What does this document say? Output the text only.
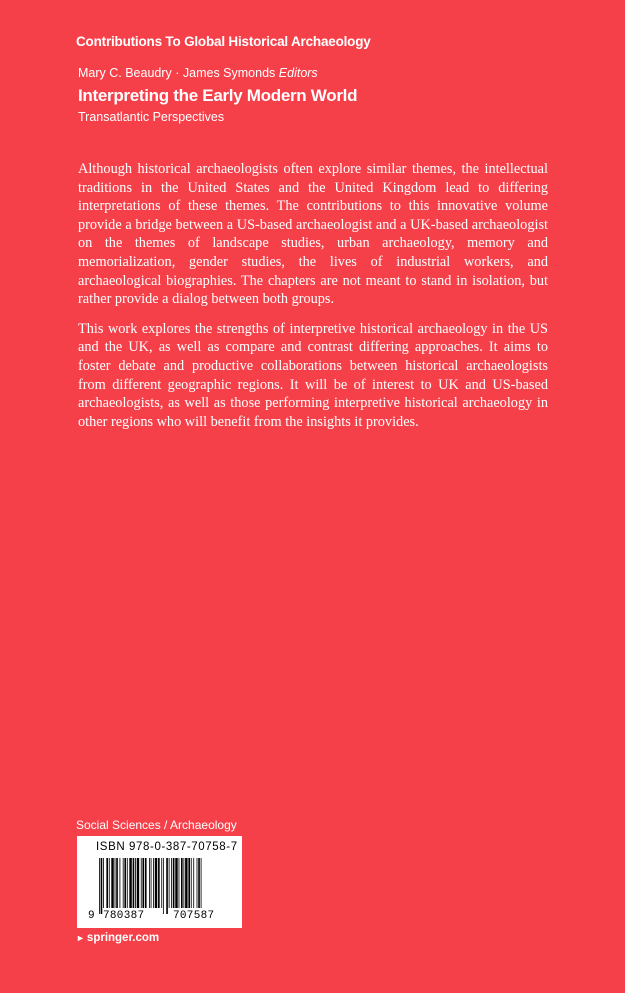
Contributions To Global Historical Archaeology
Mary C. Beaudry · James Symonds Editors
Interpreting the Early Modern World
Transatlantic Perspectives

Although historical archaeologists often explore similar themes, the intellectual traditions in the United States and the United Kingdom lead to differing interpretations of these themes. The contributions to this innovative volume provide a bridge between a US-based archaeologist and a UK-based archaeologist on the themes of landscape studies, urban archaeology, memory and memorialization, gender studies, the lives of industrial workers, and archaeological biographies. The chapters are not meant to stand in isolation, but rather provide a dialog between both groups.

This work explores the strengths of interpretive historical archaeology in the US and the UK, as well as compare and contrast differing approaches. It aims to foster debate and productive collaborations between historical archaeologists from different geographic regions. It will be of interest to UK and US-based archaeologists, as well as those performing interpretive historical archaeology in other regions who will benefit from the insights it provides.

Social Sciences / Archaeology
ISBN 978-0-387-70758-7
9 780387	707587
► springer.com
